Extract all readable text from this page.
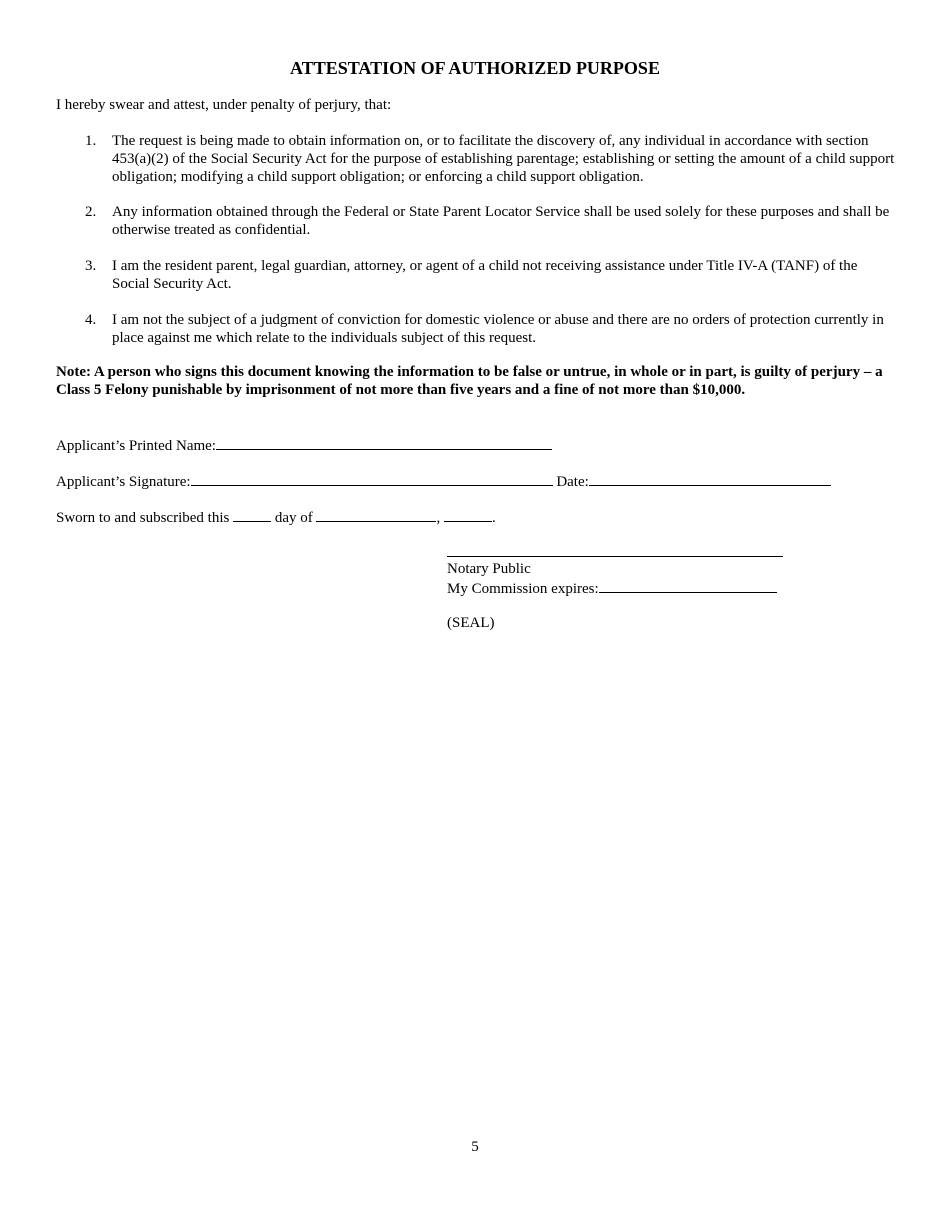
ATTESTATION OF AUTHORIZED PURPOSE
I hereby swear and attest, under penalty of perjury, that:
1.	The request is being made to obtain information on, or to facilitate the discovery of, any individual in accordance with section 453(a)(2) of the Social Security Act for the purpose of establishing parentage; establishing or setting the amount of a child support obligation; modifying a child support obligation; or enforcing a child support obligation.
2.	Any information obtained through the Federal or State Parent Locator Service shall be used solely for these purposes and shall be otherwise treated as confidential.
3.	I am the resident parent, legal guardian, attorney, or agent of a child not receiving assistance under Title IV-A (TANF) of the Social Security Act.
4.	I am not the subject of a judgment of conviction for domestic violence or abuse and there are no orders of protection currently in place against me which relate to the individuals subject of this request.
Note: A person who signs this document knowing the information to be false or untrue, in whole or in part, is guilty of perjury – a Class 5 Felony punishable by imprisonment of not more than five years and a fine of not more than $10,000.
Applicant’s Printed Name:
Applicant’s Signature:	Date:
Sworn to and subscribed this	day of	,	.
Notary Public
My Commission expires:
(SEAL)
5
